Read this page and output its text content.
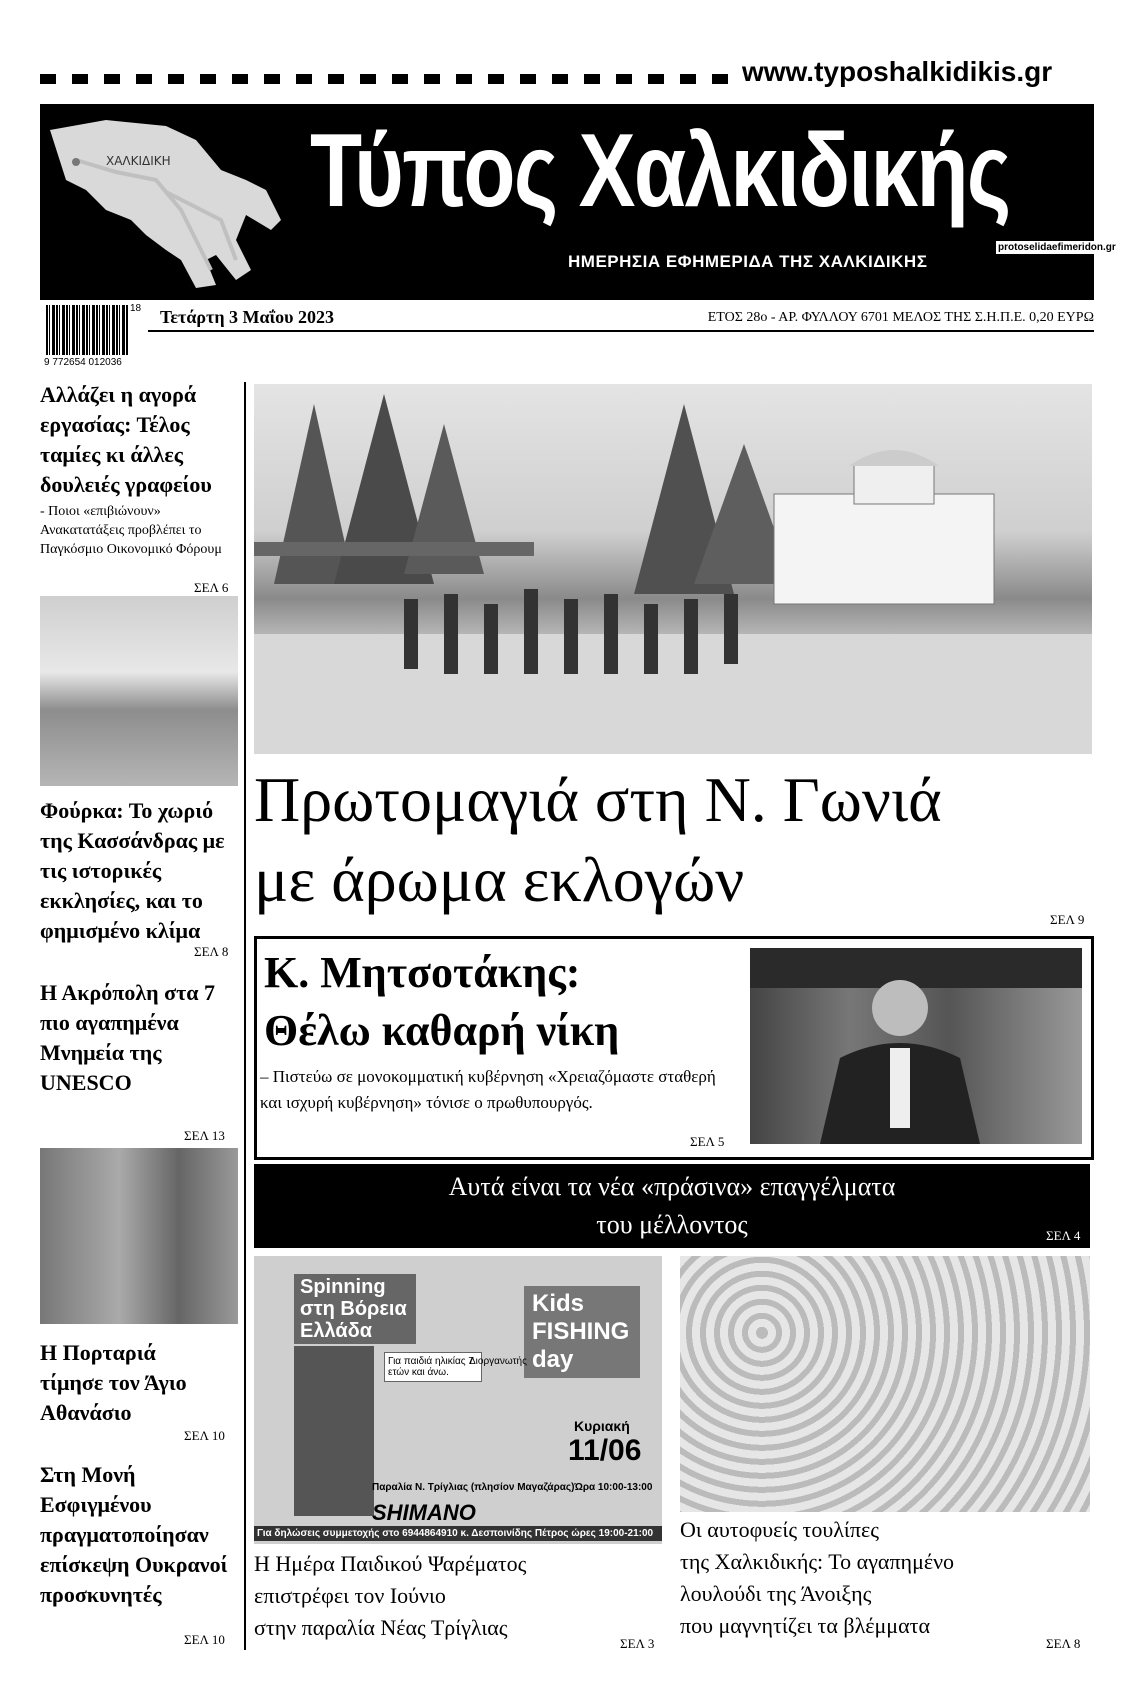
www.typoshalkidikis.gr
ΧΑΛΚΙΔΙΚΗ Τύπος Χαλκιδικής
ΗΜΕΡΗΣΙΑ ΕΦΗΜΕΡΙΔΑ ΤΗΣ ΧΑΛΚΙΔΙΚΗΣ
protoselidaefimeridon.gr
9 772654 012036
18 Τετάρτη 3 Μαΐου 2023	ΕΤΟΣ 28ο - ΑΡ. ΦΥΛΛΟΥ 6701 ΜΕΛΟΣ ΤΗΣ Σ.Η.Π.Ε. 0,20 ΕΥΡΩ
Αλλάζει η αγορά εργασίας: Τέλος ταμίες κι άλλες δουλειές γραφείου
- Ποιοι «επιβιώνουν» Ανακατατάξεις προβλέπει το Παγκόσμιο Οικονομικό Φόρουμ
ΣΕΛ 6
Φούρκα: Το χωριό της Κασσάνδρας με τις ιστορικές εκκλησίες, και το φημισμένο κλίμα
ΣΕΛ 8
Η Ακρόπολη στα 7 πιο αγαπημένα Μνημεία της UNESCO
ΣΕΛ 13
Η Πορταριά τίμησε τον Άγιο Αθανάσιο
ΣΕΛ 10
Στη Μονή Εσφιγμένου πραγματοποίησαν επίσκεψη Ουκρανοί προσκυνητές
ΣΕΛ 10
Πρωτομαγιά στη Ν. Γωνιά
με άρωμα εκλογών
ΣΕΛ 9
Κ. Μητσοτάκης:
Θέλω καθαρή νίκη
– Πιστεύω σε μονοκομματική κυβέρνηση «Χρειαζόμαστε σταθερή και ισχυρή κυβέρνηση» τόνισε ο πρωθυπουργός.
ΣΕΛ 5
Αυτά είναι τα νέα «πράσινα» επαγγέλματα
του μέλλοντος	ΣΕΛ 4
Spinning στη Βόρεια Ελλάδα
Kids FISHING day
Για παιδιά ηλικίας 7 ετών και άνω.
Διοργανωτής
Κυριακή
11/06
Παραλία Ν. Τρίγλιας (πλησίον Μαγαζάρας)Ώρα 10:00-13:00
SHIMANO
Για δηλώσεις συμμετοχής στο 6944864910 κ. Δεσποινίδης Πέτρος ώρες 19:00-21:00
Η Ημέρα Παιδικού Ψαρέματος
επιστρέφει τον Ιούνιο
στην παραλία Νέας Τρίγλιας
ΣΕΛ 3
Οι αυτοφυείς τουλίπες
της Χαλκιδικής: Το αγαπημένο
λουλούδι της Άνοιξης
που μαγνητίζει τα βλέμματα
ΣΕΛ 8
